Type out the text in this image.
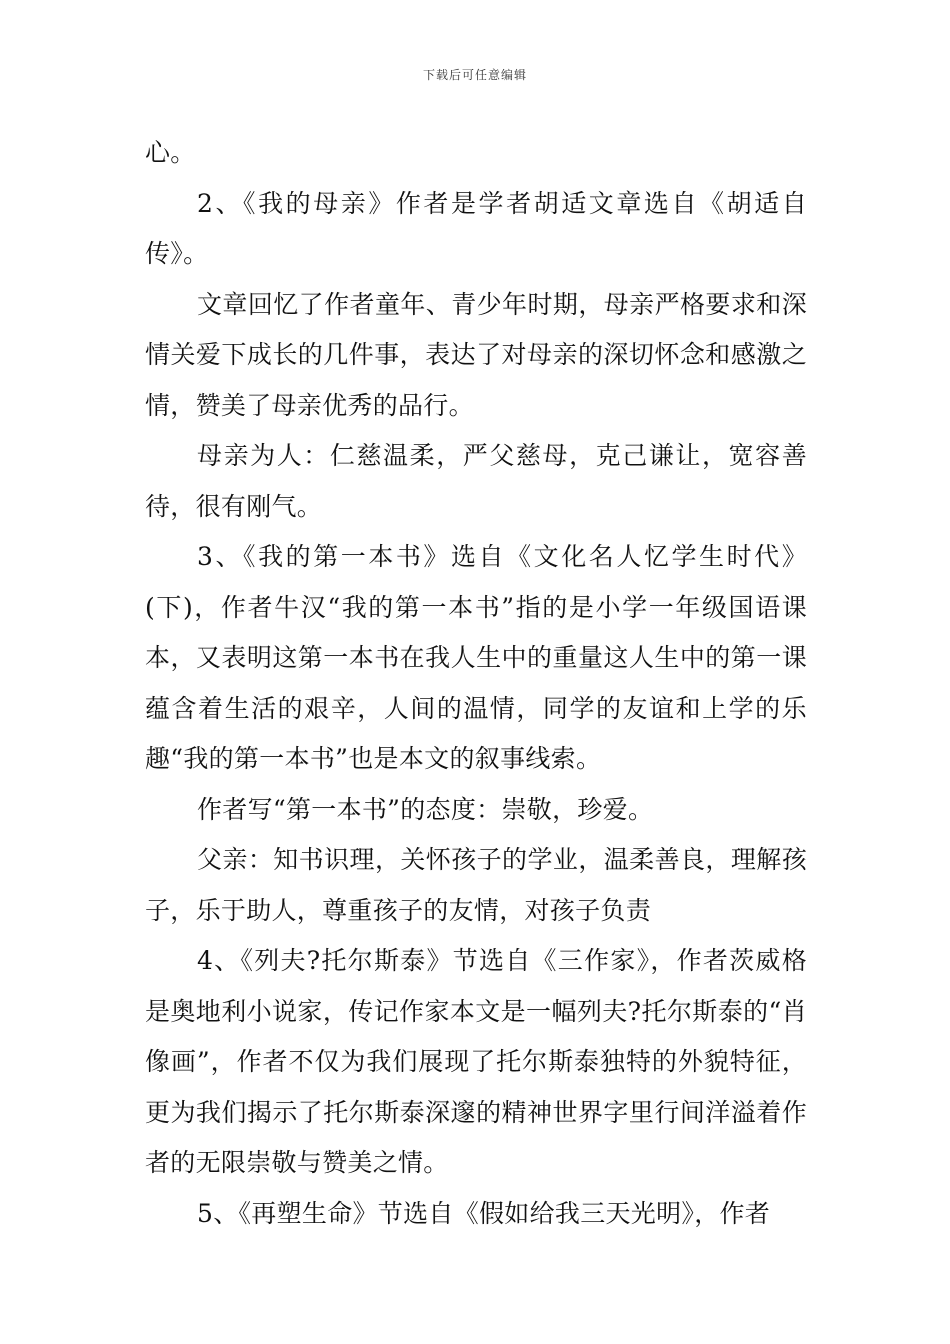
下载后可任意编辑

心。

2、《我的母亲》作者是学者胡适文章选自《胡适自传》。

文章回忆了作者童年、青少年时期，母亲严格要求和深情关爱下成长的几件事，表达了对母亲的深切怀念和感激之情，赞美了母亲优秀的品行。

母亲为人：仁慈温柔，严父慈母，克己谦让，宽容善待，很有刚气。

3、《我的第一本书》选自《文化名人忆学生时代》(下)，作者牛汉“我的第一本书”指的是小学一年级国语课本，又表明这第一本书在我人生中的重量这人生中的第一课蕴含着生活的艰辛，人间的温情，同学的友谊和上学的乐趣“我的第一本书”也是本文的叙事线索。

作者写“第一本书”的态度：崇敬，珍爱。

父亲：知书识理，关怀孩子的学业，温柔善良，理解孩子，乐于助人，尊重孩子的友情，对孩子负责

4、《列夫?托尔斯泰》节选自《三作家》，作者茨威格是奥地利小说家，传记作家本文是一幅列夫?托尔斯泰的“肖像画”，作者不仅为我们展现了托尔斯泰独特的外貌特征，更为我们揭示了托尔斯泰深邃的精神世界字里行间洋溢着作者的无限崇敬与赞美之情。

5、《再塑生命》节选自《假如给我三天光明》，作者
